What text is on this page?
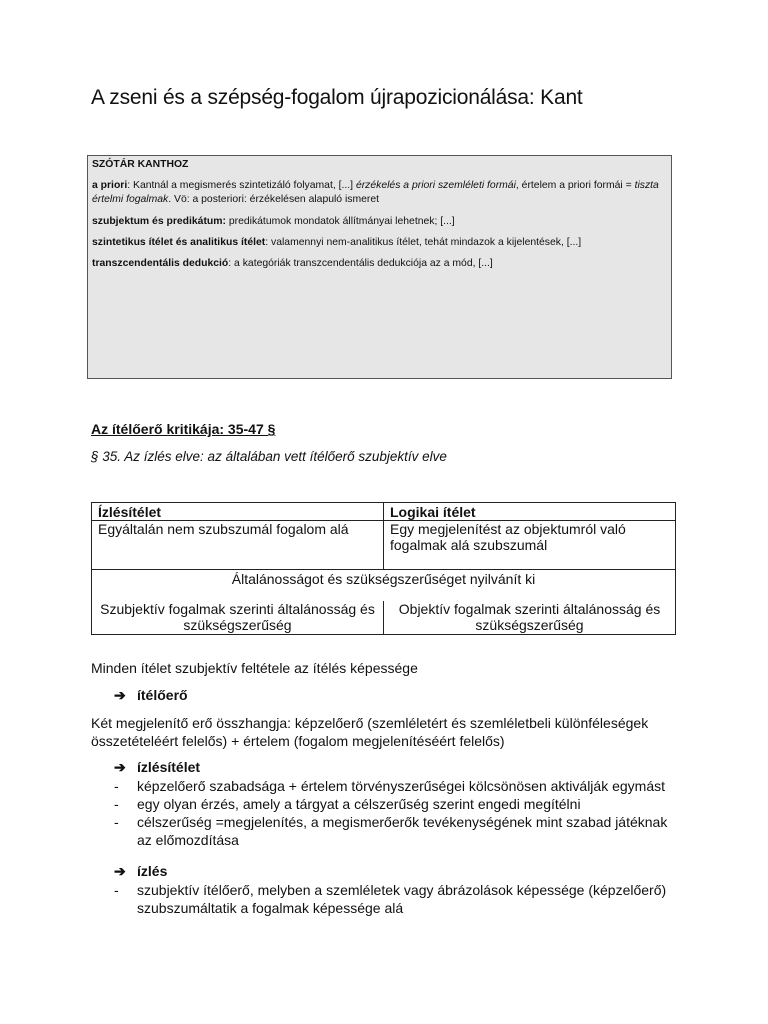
A zseni és a szépség-fogalom újrapozicionálása: Kant
SZÓTÁR KANTHOZ

a priori: Kantnál a megismerés szintetizáló folyamat, [...] érzékelés a priori szemléleti formái, értelem a priori formái = tiszta értelmi fogalmak. Vö: a posteriori: érzékelésen alapuló ismeret

szubjektum és predikátum: predikátumok mondatok állítmányai lehetnek; [...]

szintetikus ítélet és analitikus ítélet: valamennyi nem-analitikus ítélet, tehát mindazok a kijelentések, [...]

transzcendentális dedukció: a kategóriák transzcendentális dedukciója az a mód, [...]

Az ítélőerő kritikája: 35-47 §
§ 35. Az ízlés elve: az általában vett ítélőerő szubjektív elve
Ízlésítélet	Logikai ítélet
Egyáltalán nem szubszumál fogalom alá	Egy megjelenítést az objektumról való fogalmak alá szubszumál
Általánosságot és szükségszerűséget nyilvánít ki	
Szubjektív fogalmak szerinti általánosság és szükségszerűség	Objektív fogalmak szerinti általánosság és szükségszerűség

Minden ítélet szubjektív feltétele az ítélés képessége

➔ ítélőerő

Két megjelenítő erő összhangja: képzelőerő (szemléletért és szemléletbeli különféleségek összetételéért felelős) + értelem (fogalom megjelenítéséért felelős)

➔ ízlésítélet
- képzelőerő szabadsága + értelem törvényszerűségei kölcsönösen aktiválják egymást
- egy olyan érzés, amely a tárgyat a célszerűség szerint engedi megítélni
- célszerűség =megjelenítés, a megismerőerők tevékenységének mint szabad játéknak az előmozdítása
➔ ízlés
- szubjektív ítélőerő, melyben a szemléletek vagy ábrázolások képessége (képzelőerő) szubszumáltatik a fogalmak képessége alá
